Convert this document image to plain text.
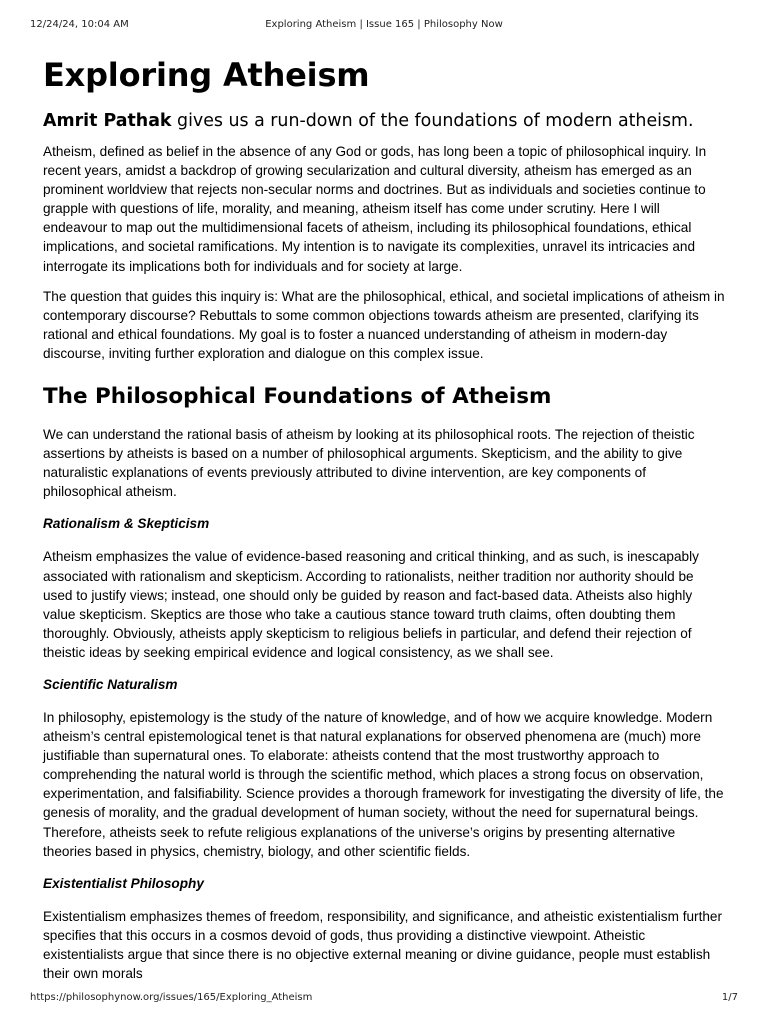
12/24/24, 10:04 AM	Exploring Atheism | Issue 165 | Philosophy Now
Exploring Atheism

Amrit Pathak gives us a run-down of the foundations of modern atheism.

Atheism, defined as belief in the absence of any God or gods, has long been a topic of philosophical inquiry. In recent years, amidst a backdrop of growing secularization and cultural diversity, atheism has emerged as an prominent worldview that rejects non-secular norms and doctrines. But as individuals and societies continue to grapple with questions of life, morality, and meaning, atheism itself has come under scrutiny. Here I will endeavour to map out the multidimensional facets of atheism, including its philosophical foundations, ethical implications, and societal ramifications. My intention is to navigate its complexities, unravel its intricacies and interrogate its implications both for individuals and for society at large.

The question that guides this inquiry is: What are the philosophical, ethical, and societal implications of atheism in contemporary discourse? Rebuttals to some common objections towards atheism are presented, clarifying its rational and ethical foundations. My goal is to foster a nuanced understanding of atheism in modern-day discourse, inviting further exploration and dialogue on this complex issue.

The Philosophical Foundations of Atheism

We can understand the rational basis of atheism by looking at its philosophical roots. The rejection of theistic assertions by atheists is based on a number of philosophical arguments. Skepticism, and the ability to give naturalistic explanations of events previously attributed to divine intervention, are key components of philosophical atheism.

Rationalism & Skepticism

Atheism emphasizes the value of evidence-based reasoning and critical thinking, and as such, is inescapably associated with rationalism and skepticism. According to rationalists, neither tradition nor authority should be used to justify views; instead, one should only be guided by reason and fact-based data. Atheists also highly value skepticism. Skeptics are those who take a cautious stance toward truth claims, often doubting them thoroughly. Obviously, atheists apply skepticism to religious beliefs in particular, and defend their rejection of theistic ideas by seeking empirical evidence and logical consistency, as we shall see.

Scientific Naturalism

In philosophy, epistemology is the study of the nature of knowledge, and of how we acquire knowledge. Modern atheism’s central epistemological tenet is that natural explanations for observed phenomena are (much) more justifiable than supernatural ones. To elaborate: atheists contend that the most trustworthy approach to comprehending the natural world is through the scientific method, which places a strong focus on observation, experimentation, and falsifiability. Science provides a thorough framework for investigating the diversity of life, the genesis of morality, and the gradual development of human society, without the need for supernatural beings. Therefore, atheists seek to refute religious explanations of the universe’s origins by presenting alternative theories based in physics, chemistry, biology, and other scientific fields.

Existentialist Philosophy

Existentialism emphasizes themes of freedom, responsibility, and significance, and atheistic existentialism further specifies that this occurs in a cosmos devoid of gods, thus providing a distinctive viewpoint. Atheistic existentialists argue that since there is no objective external meaning or divine guidance, people must establish their own morals

https://philosophynow.org/issues/165/Exploring_Atheism	1/7
